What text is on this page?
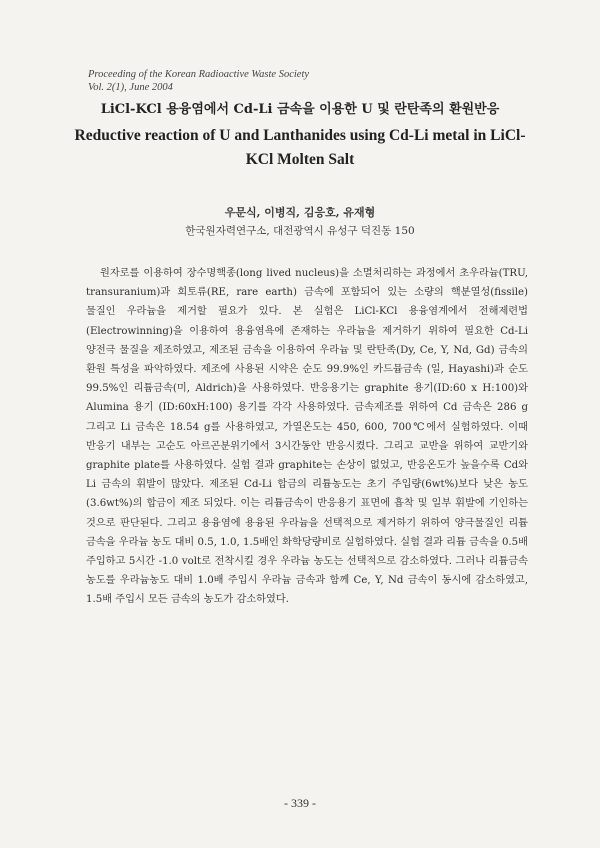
Proceeding of the Korean Radioactive Waste Society
Vol. 2(1), June 2004
LiCl-KCl 용융염에서 Cd-Li 금속을 이용한 U 및 란탄족의 환원반응
Reductive reaction of U and Lanthanides using Cd-Li metal in LiCl-KCl Molten Salt
우문식, 이병직, 김응호, 유재형
한국원자력연구소, 대전광역시 유성구 덕진동 150

원자로를 이용하여 장수명핵종(long lived nucleus)을 소멸처리하는 과정에서 초우라늄(TRU, transuranium)과 희토류(RE, rare earth) 금속에 포함되어 있는 소량의 핵분열성(fissile) 물질인 우라늄을 제거할 필요가 있다. 본 실험은 LiCl-KCl 용융염계에서 전해제련법(Electrowinning)을 이용하여 용융염욕에 존재하는 우라늄을 제거하기 위하여 필요한 Cd-Li 양전극 물질을 제조하였고, 제조된 금속을 이용하여 우라늄 및 란탄족(Dy, Ce, Y, Nd, Gd) 금속의 환원 특성을 파악하였다. 제조에 사용된 시약은 순도 99.9%인 카드뮴금속 (일, Hayashi)과 순도 99.5%인 리튬금속(미, Aldrich)을 사용하였다. 반응용기는 graphite 용기(ID:60 x H:100)와 Alumina 용기 (ID:60xH:100) 용기를 각각 사용하였다. 금속제조를 위하여 Cd 금속은 286 g 그리고 Li 금속은 18.54 g를 사용하였고, 가열온도는 450, 600, 700℃에서 실험하였다. 이때 반응기 내부는 고순도 아르곤분위기에서 3시간동안 반응시켰다. 그리고 교반을 위하여 교반기와 graphite plate를 사용하였다. 실험 결과 graphite는 손상이 없었고, 반응온도가 높을수록 Cd와 Li 금속의 휘발이 많았다. 제조된 Cd-Li 합금의 리튬농도는 초기 주입량(6wt%)보다 낮은 농도(3.6wt%)의 합금이 제조 되었다. 이는 리튬금속이 반응용기 표면에 흡착 및 일부 휘발에 기인하는 것으로 판단된다. 그리고 용융염에 용융된 우라늄을 선택적으로 제거하기 위하여 양극물질인 리튬 금속을 우라늄 농도 대비 0.5, 1.0, 1.5배인 화학당량비로 실험하였다. 실험 결과 리튬 금속을 0.5배 주입하고 5시간 -1.0 volt로 전착시킬 경우 우라늄 농도는 선택적으로 감소하였다. 그러나 리튬금속 농도를 우라늄농도 대비 1.0배 주입시 우라늄 금속과 함께 Ce, Y, Nd 금속이 동시에 감소하였고, 1.5배 주입시 모든 금속의 농도가 감소하였다.

- 339 -
